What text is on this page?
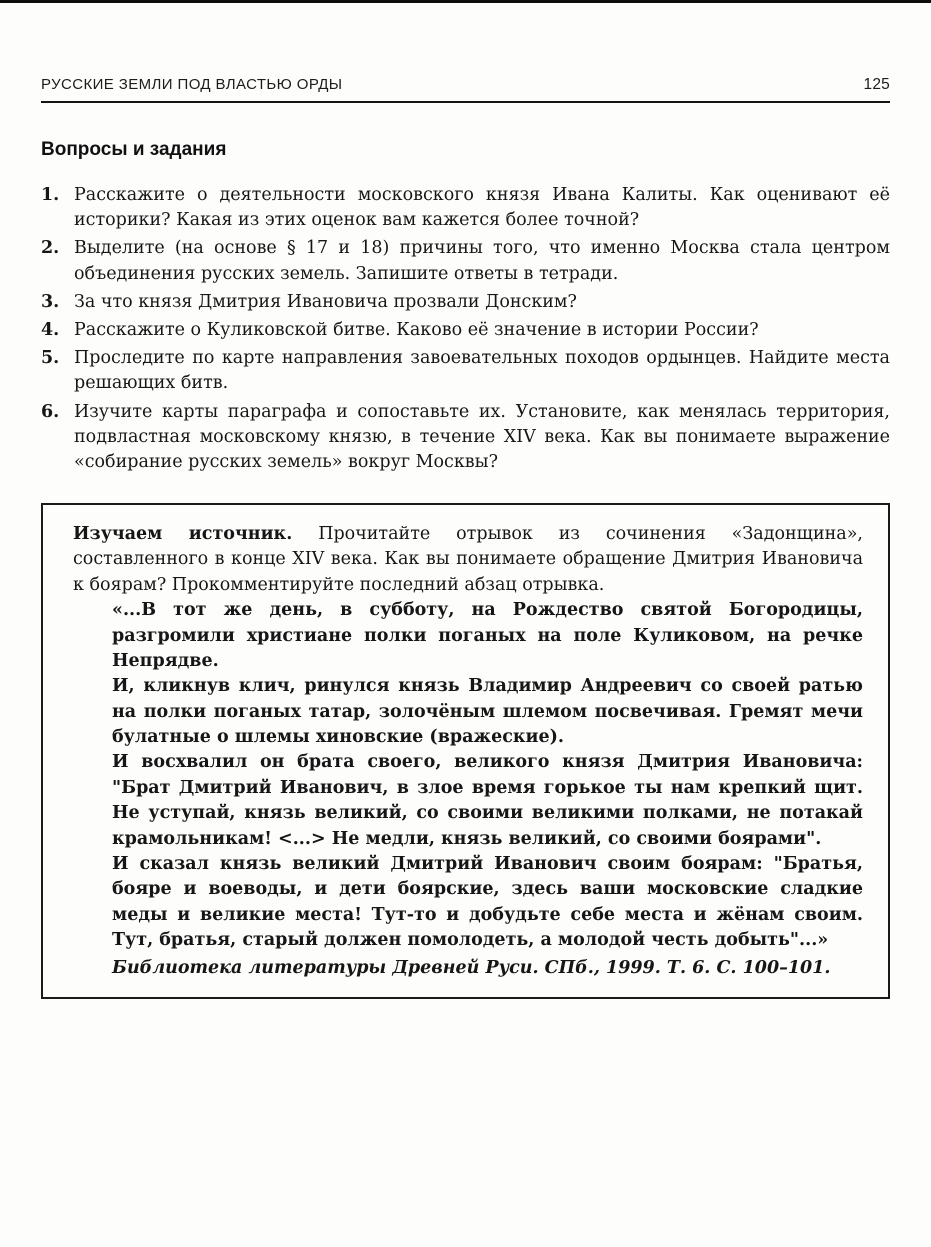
РУССКИЕ ЗЕМЛИ ПОД ВЛАСТЬЮ ОРДЫ	125
Вопросы и задания
1. Расскажите о деятельности московского князя Ивана Калиты. Как оценивают её историки? Какая из этих оценок вам кажется более точной?
2. Выделите (на основе § 17 и 18) причины того, что именно Москва стала центром объединения русских земель. Запишите ответы в тетради.
3. За что князя Дмитрия Ивановича прозвали Донским?
4. Расскажите о Куликовской битве. Каково её значение в истории России?
5. Проследите по карте направления завоевательных походов ордынцев. Найдите места решающих битв.
6. Изучите карты параграфа и сопоставьте их. Установите, как менялась территория, подвластная московскому князю, в течение XIV века. Как вы понимаете выражение «собирание русских земель» вокруг Москвы?

Изучаем источник. Прочитайте отрывок из сочинения «Задонщина», составленного в конце XIV века. Как вы понимаете обращение Дмитрия Ивановича к боярам? Прокомментируйте последний абзац отрывка.

«...В тот же день, в субботу, на Рождество святой Богородицы, разгромили христиане полки поганых на поле Куликовом, на речке Непрядве.

И, кликнув клич, ринулся князь Владимир Андреевич со своей ратью на полки поганых татар, золочёным шлемом посвечивая. Гремят мечи булатные о шлемы хиновские (вражеские).

И восхвалил он брата своего, великого князя Дмитрия Ивановича: "Брат Дмитрий Иванович, в злое время горькое ты нам крепкий щит. Не уступай, князь великий, со своими великими полками, не потакай крамольникам! <...> Не медли, князь великий, со своими боярами".

И сказал князь великий Дмитрий Иванович своим боярам: "Братья, бояре и воеводы, и дети боярские, здесь ваши московские сладкие меды и великие места! Тут-то и добудьте себе места и жёнам своим. Тут, братья, старый должен помолодеть, а молодой честь добыть"...»

Библиотека литературы Древней Руси. СПб., 1999. Т. 6. С. 100–101.
